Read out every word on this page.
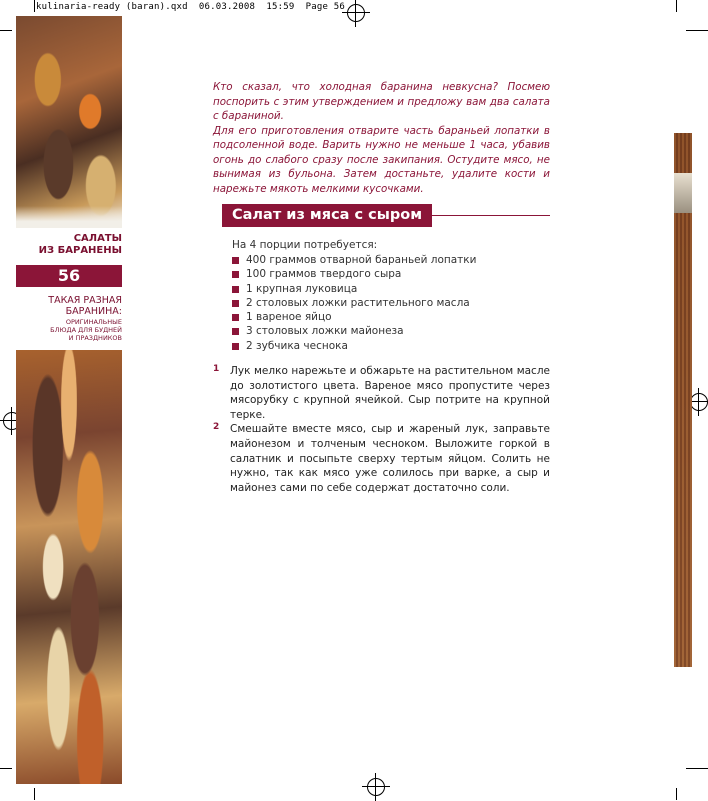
kulinaria-ready (baran).qxd  06.03.2008  15:59  Page 56
САЛАТЫ
ИЗ БАРАНЕНЫ
56
ТАКАЯ РАЗНАЯ
БАРАНИНА:
ОРИГИНАЛЬНЫЕ
БЛЮДА ДЛЯ БУДНЕЙ
И ПРАЗДНИКОВ

Кто сказал, что холодная баранина невкусна? Посмею поспорить с этим утверждением и предложу вам два салата с бараниной.

Для его приготовления отварите часть бараньей лопатки в подсоленной воде. Варить нужно не меньше 1 часа, убавив огонь до слабого сразу после закипания. Остудите мясо, не вынимая из бульона. Затем достаньте, удалите кости и нарежьте мякоть мелкими кусочками.

Салат из мяса с сыром
На 4 порции потребуется:
400 граммов отварной бараньей лопатки
100 граммов твердого сыра
1 крупная луковица
2 столовых ложки растительного масла
1 вареное яйцо
3 столовых ложки майонеза
2 зубчика чеснока
1 Лук мелко нарежьте и обжарьте на растительном масле до золотистого цвета. Вареное мясо пропустите через мясорубку с крупной ячейкой. Сыр потрите на крупной терке.

2 Смешайте вместе мясо, сыр и жареный лук, заправьте майонезом и толченым чесноком. Выложите горкой в салатник и посыпьте сверху тертым яйцом. Солить не нужно, так как мясо уже солилось при варке, а сыр и майонез сами по себе содержат достаточно соли.
